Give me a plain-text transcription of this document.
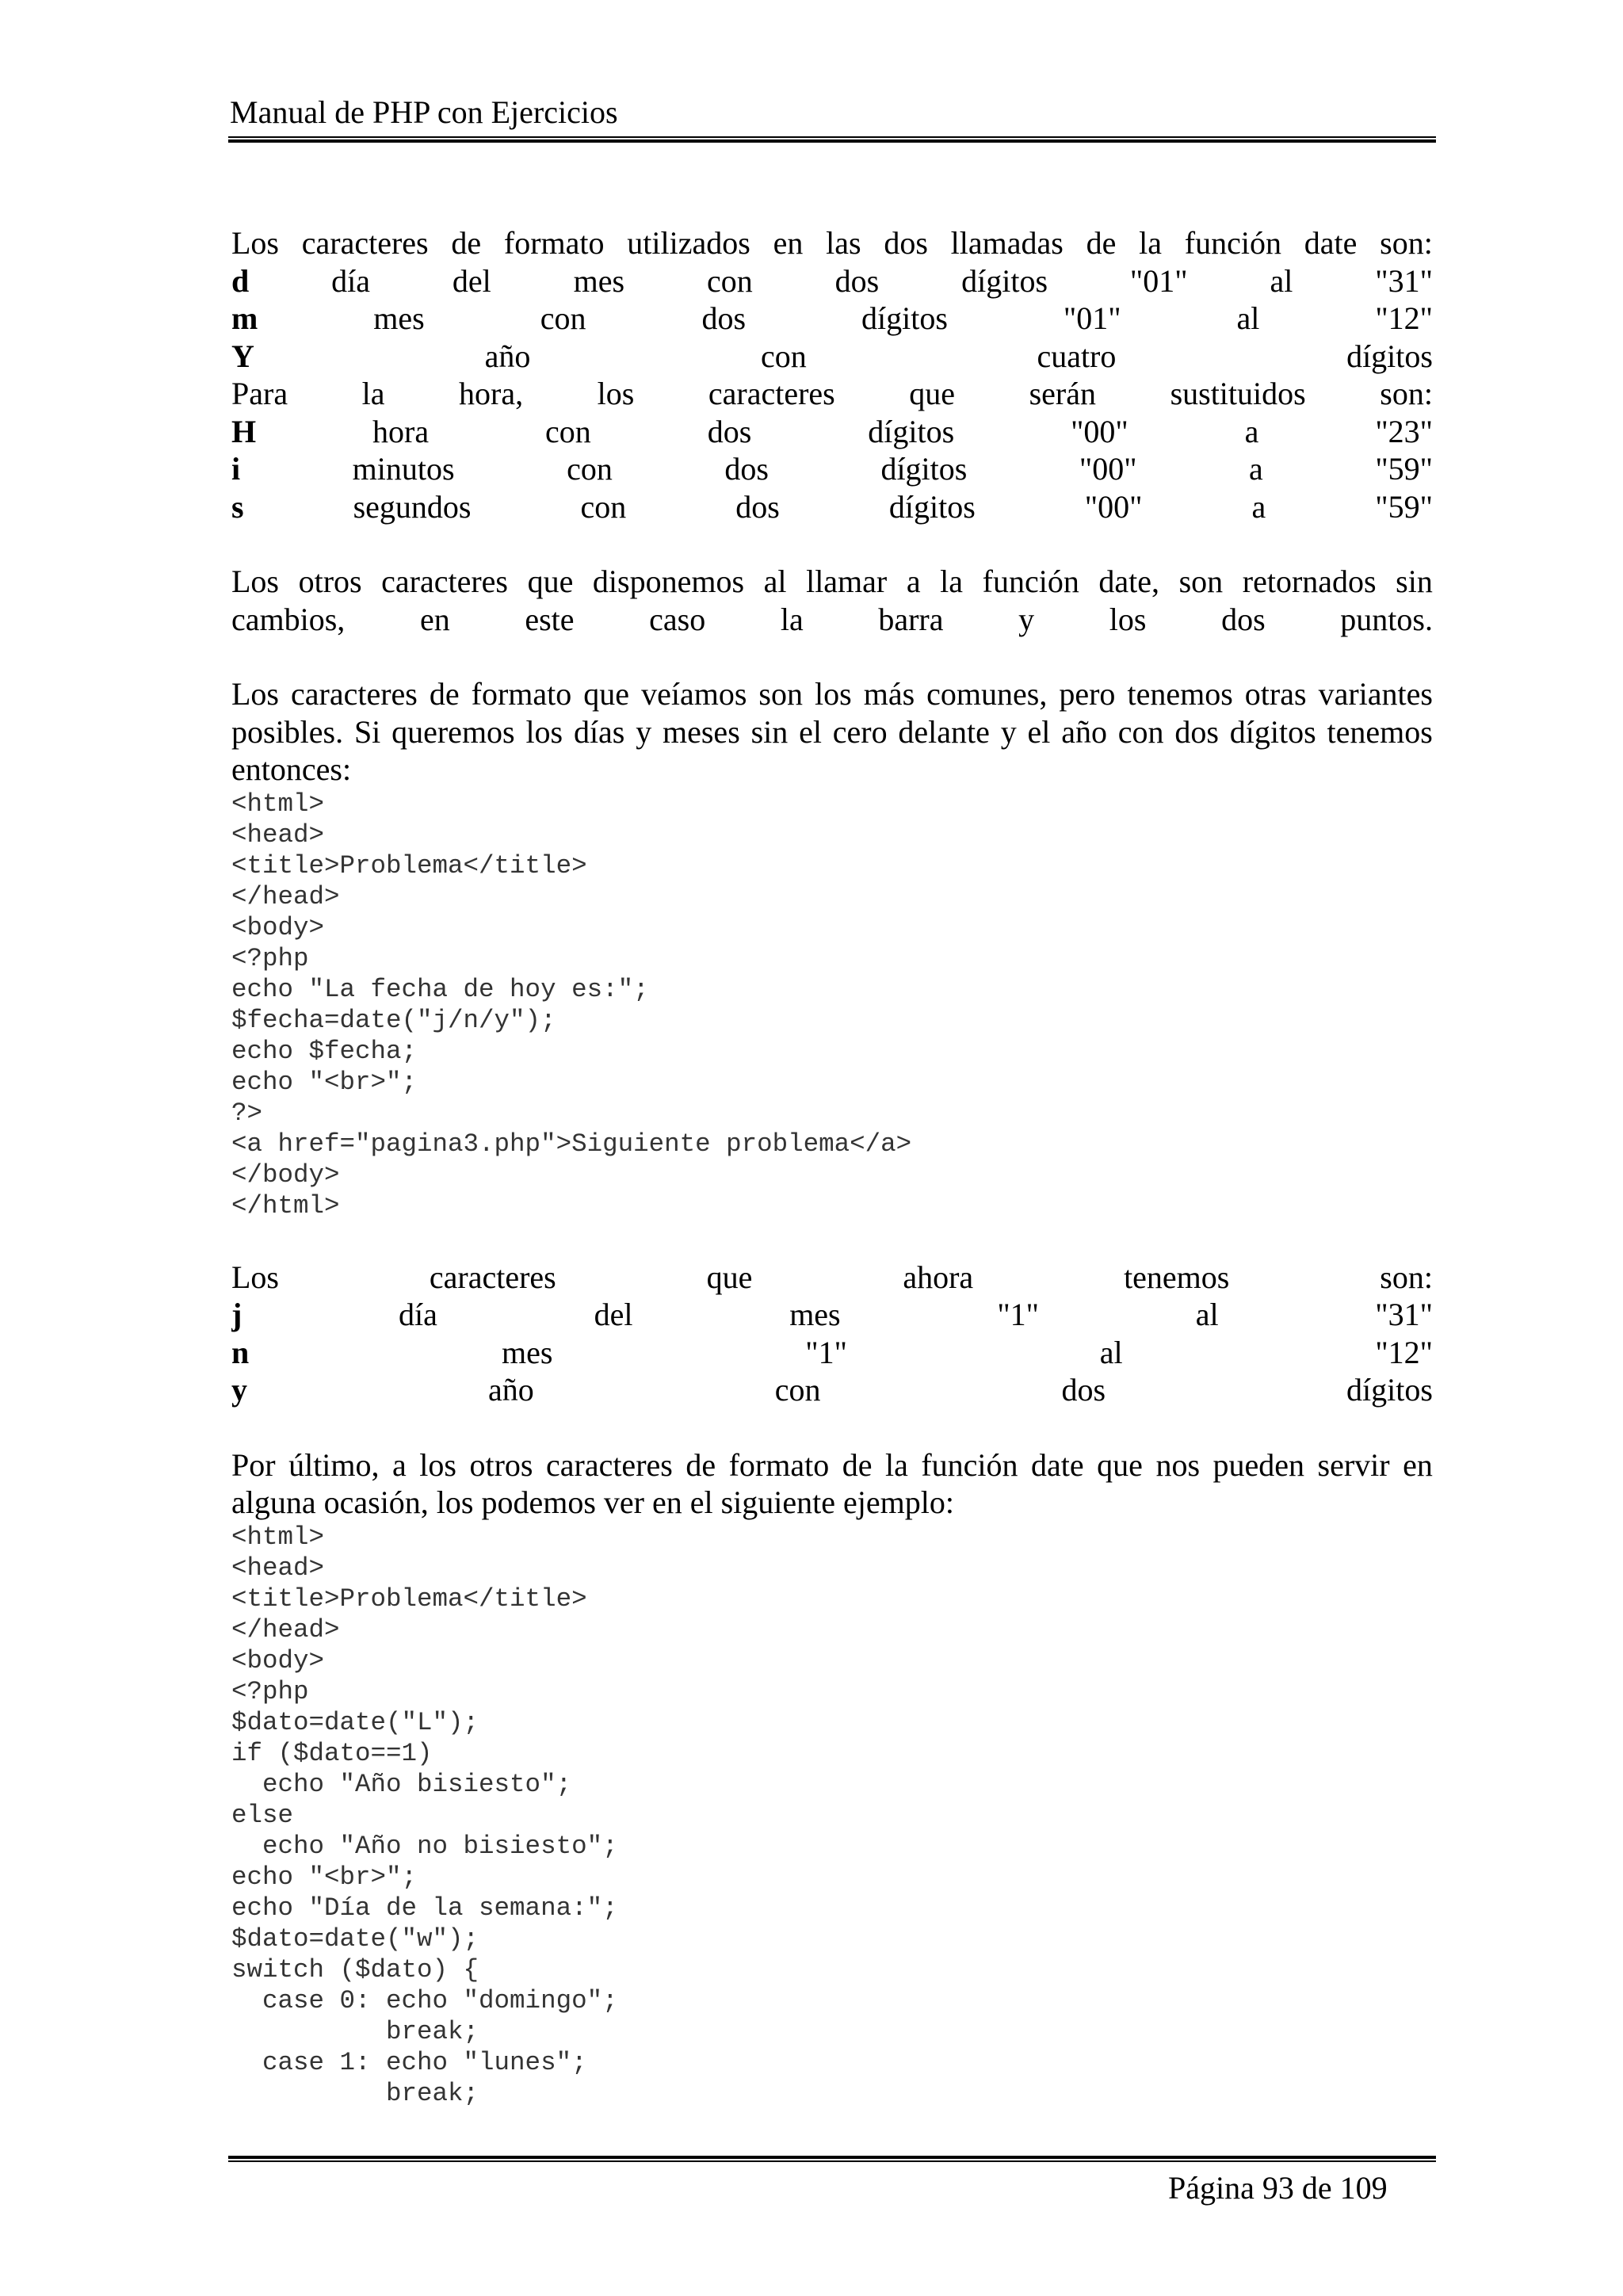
Manual de PHP con Ejercicios
Los caracteres de formato utilizados en las dos llamadas de la función date son:
d	día	del	mes	con	dos	dígitos	"01"	al	"31"
m	mes	con	dos	dígitos	"01"	al	"12"
Y	año	con	cuatro	dígitos
Para la hora, los caracteres que serán sustituidos son:
H	hora	con	dos	dígitos	"00"	a	"23"
i	minutos	con	dos	dígitos	"00"	a	"59"
s	segundos	con	dos	dígitos	"00"	a	"59"
Los otros caracteres que disponemos al llamar a la función date, son retornados sin
cambios, en este caso la barra y los dos puntos.
Los caracteres de formato que veíamos son los más comunes, pero tenemos otras variantes
posibles. Si queremos los días y meses sin el cero delante y el año con dos dígitos tenemos
entonces:
<html>
<head>
<title>Problema</title>
</head>
<body>
<?php
echo "La fecha de hoy es:";
$fecha=date("j/n/y");
echo $fecha;
echo "<br>";
?>
<a href="pagina3.php">Siguiente problema</a>
</body>
</html>
Los	caracteres	que	ahora	tenemos	son:
j	día	del	mes	"1"	al	"31"
n	mes	"1"	al	"12"
y	año	con	dos	dígitos
Por último, a los otros caracteres de formato de la función date que nos pueden servir en
alguna ocasión, los podemos ver en el siguiente ejemplo:
<html>
<head>
<title>Problema</title>
</head>
<body>
<?php
$dato=date("L");
if ($dato==1)
echo "Año bisiesto";
else
echo "Año no bisiesto";
echo "<br>";
echo "Día de la semana:";
$dato=date("w");
switch ($dato) {
case 0: echo "domingo";
break;
case 1: echo "lunes";
break;
Página 93 de 109
